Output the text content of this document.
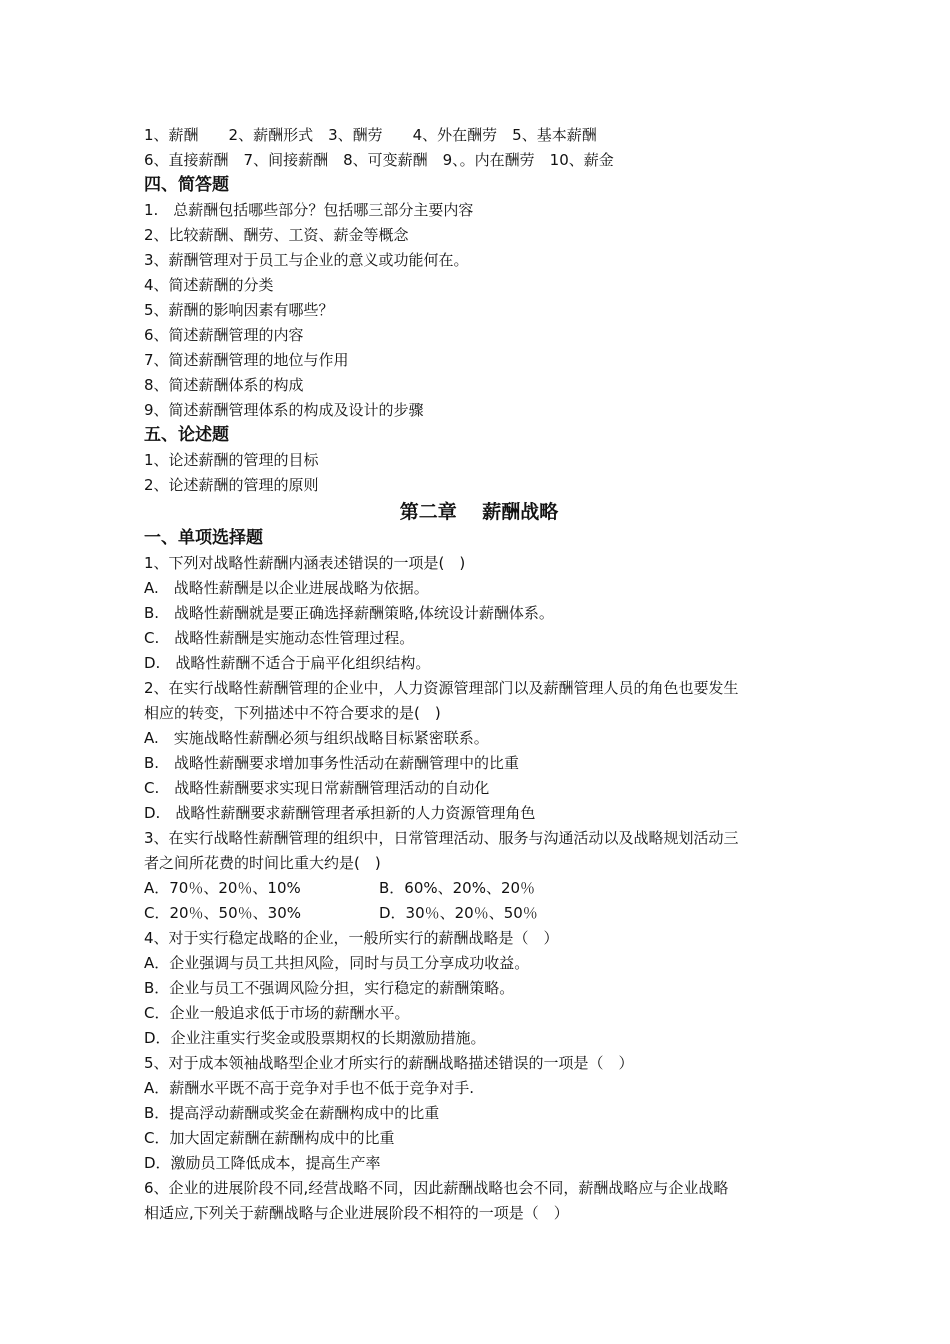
1、薪酬　　2、薪酬形式　3、酬劳　　4、外在酬劳　5、基本薪酬
6、直接薪酬　7、间接薪酬　8、可变薪酬　9、。内在酬劳　10、薪金
四、简答题
1.　总薪酬包括哪些部分？包括哪三部分主要内容
2、比较薪酬、酬劳、工资、薪金等概念
3、薪酬管理对于员工与企业的意义或功能何在。
4、简述薪酬的分类
5、薪酬的影响因素有哪些？
6、简述薪酬管理的内容
7、简述薪酬管理的地位与作用
8、简述薪酬体系的构成
9、简述薪酬管理体系的构成及设计的步骤
五、论述题
1、论述薪酬的管理的目标
2、论述薪酬的管理的原则
第二章　 薪酬战略
一、单项选择题
1、下列对战略性薪酬内涵表述错误的一项是(　)
A.　战略性薪酬是以企业进展战略为依据。
B.　战略性薪酬就是要正确选择薪酬策略,体统设计薪酬体系。
C.　战略性薪酬是实施动态性管理过程。
D.　战略性薪酬不适合于扁平化组织结构。
2、在实行战略性薪酬管理的企业中，人力资源管理部门以及薪酬管理人员的角色也要发生
相应的转变，下列描述中不符合要求的是(　)
A.　实施战略性薪酬必须与组织战略目标紧密联系。
B.　战略性薪酬要求增加事务性活动在薪酬管理中的比重
C.　战略性薪酬要求实现日常薪酬管理活动的自动化
D.　战略性薪酬要求薪酬管理者承担新的人力资源管理角色
3、在实行战略性薪酬管理的组织中，日常管理活动、服务与沟通活动以及战略规划活动三
者之间所花费的时间比重大约是(　)
A．70％、20％、10%	B．60%、20%、20％
C．20％、50％、30%	D．30％、20％、50％
4、对于实行稳定战略的企业，一般所实行的薪酬战略是（　）
A．企业强调与员工共担风险，同时与员工分享成功收益。
B．企业与员工不强调风险分担，实行稳定的薪酬策略。
C．企业一般追求低于市场的薪酬水平。
D．企业注重实行奖金或股票期权的长期激励措施。
5、对于成本领袖战略型企业才所实行的薪酬战略描述错误的一项是（　）
A．薪酬水平既不高于竞争对手也不低于竞争对手.
B．提高浮动薪酬或奖金在薪酬构成中的比重
C．加大固定薪酬在薪酬构成中的比重
D．激励员工降低成本，提高生产率
6、企业的进展阶段不同,经营战略不同，因此薪酬战略也会不同，薪酬战略应与企业战略
相适应,下列关于薪酬战略与企业进展阶段不相符的一项是（　）
